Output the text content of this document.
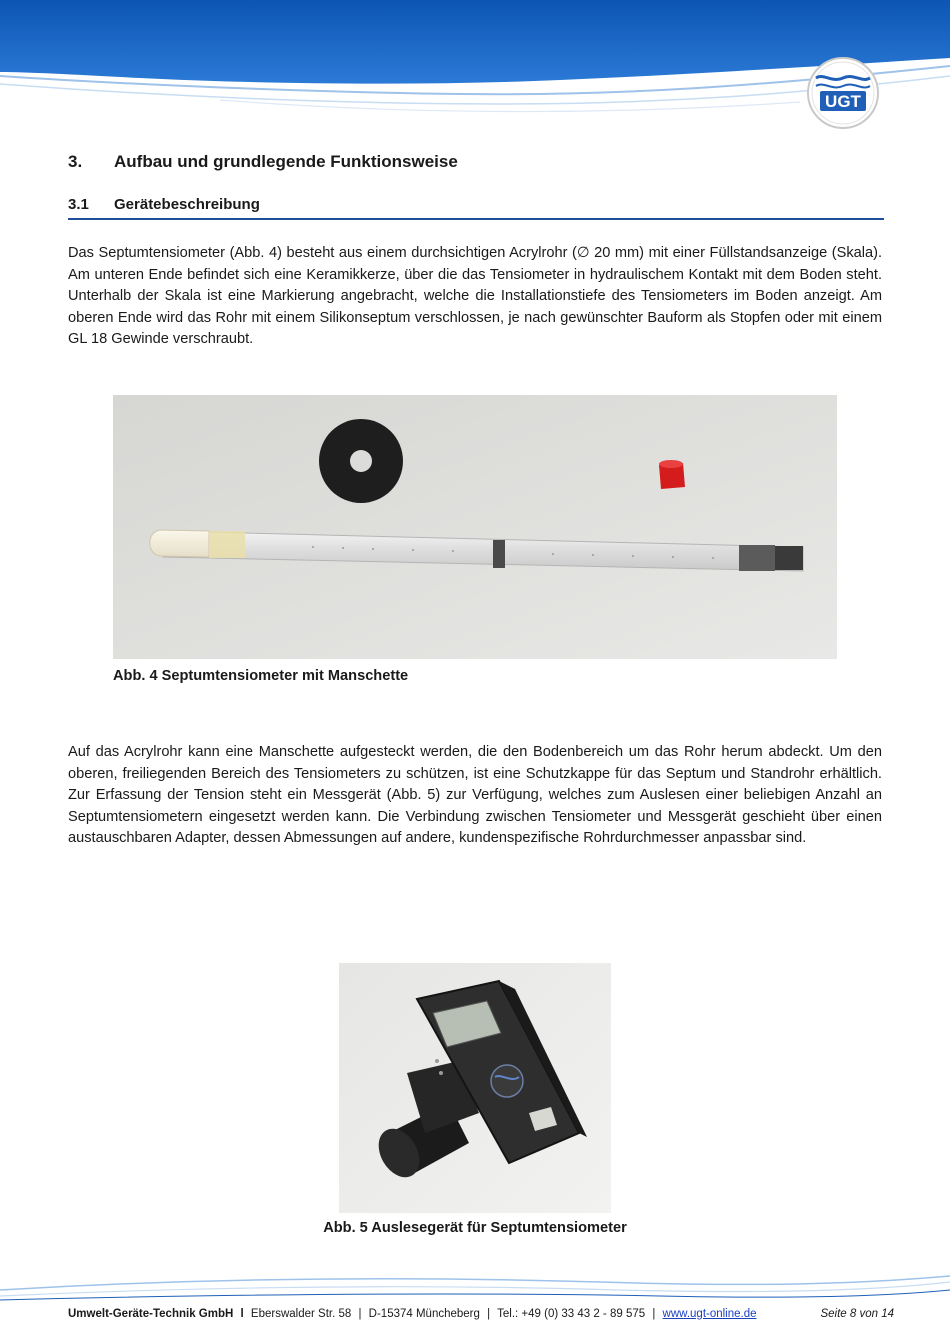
UGT
3. Aufbau und grundlegende Funktionsweise
3.1 Gerätebeschreibung
Das Septumtensiometer (Abb. 4) besteht aus einem durchsichtigen Acrylrohr (∅ 20 mm) mit einer Füllstandsanzeige (Skala). Am unteren Ende befindet sich eine Keramikkerze, über die das Tensiometer in hydraulischem Kontakt mit dem Boden steht. Unterhalb der Skala ist eine Markierung angebracht, welche die Installationstiefe des Tensiometers im Boden anzeigt. Am oberen Ende wird das Rohr mit einem Silikonseptum verschlossen, je nach gewünschter Bauform als Stopfen oder mit einem GL 18 Gewinde verschraubt.
Abb. 4 Septumtensiometer mit Manschette
Auf das Acrylrohr kann eine Manschette aufgesteckt werden, die den Bodenbereich um das Rohr herum abdeckt. Um den oberen, freiliegenden Bereich des Tensiometers zu schützen, ist eine Schutzkappe für das Septum und Standrohr erhältlich. Zur Erfassung der Tension steht ein Messgerät (Abb. 5) zur Verfügung, welches zum Auslesen einer beliebigen Anzahl an Septumtensiometern eingesetzt werden kann. Die Verbindung zwischen Tensiometer und Messgerät geschieht über einen austauschbaren Adapter, dessen Abmessungen auf andere, kundenspezifische Rohrdurchmesser anpassbar sind.
Abb. 5 Auslesegerät für Septumtensiometer
Umwelt-Geräte-Technik GmbH l Eberswalder Str. 58 | D-15374 Müncheberg | Tel.: +49 (0) 33 43 2 - 89 575 | www.ugt-online.de	Seite 8 von 14
